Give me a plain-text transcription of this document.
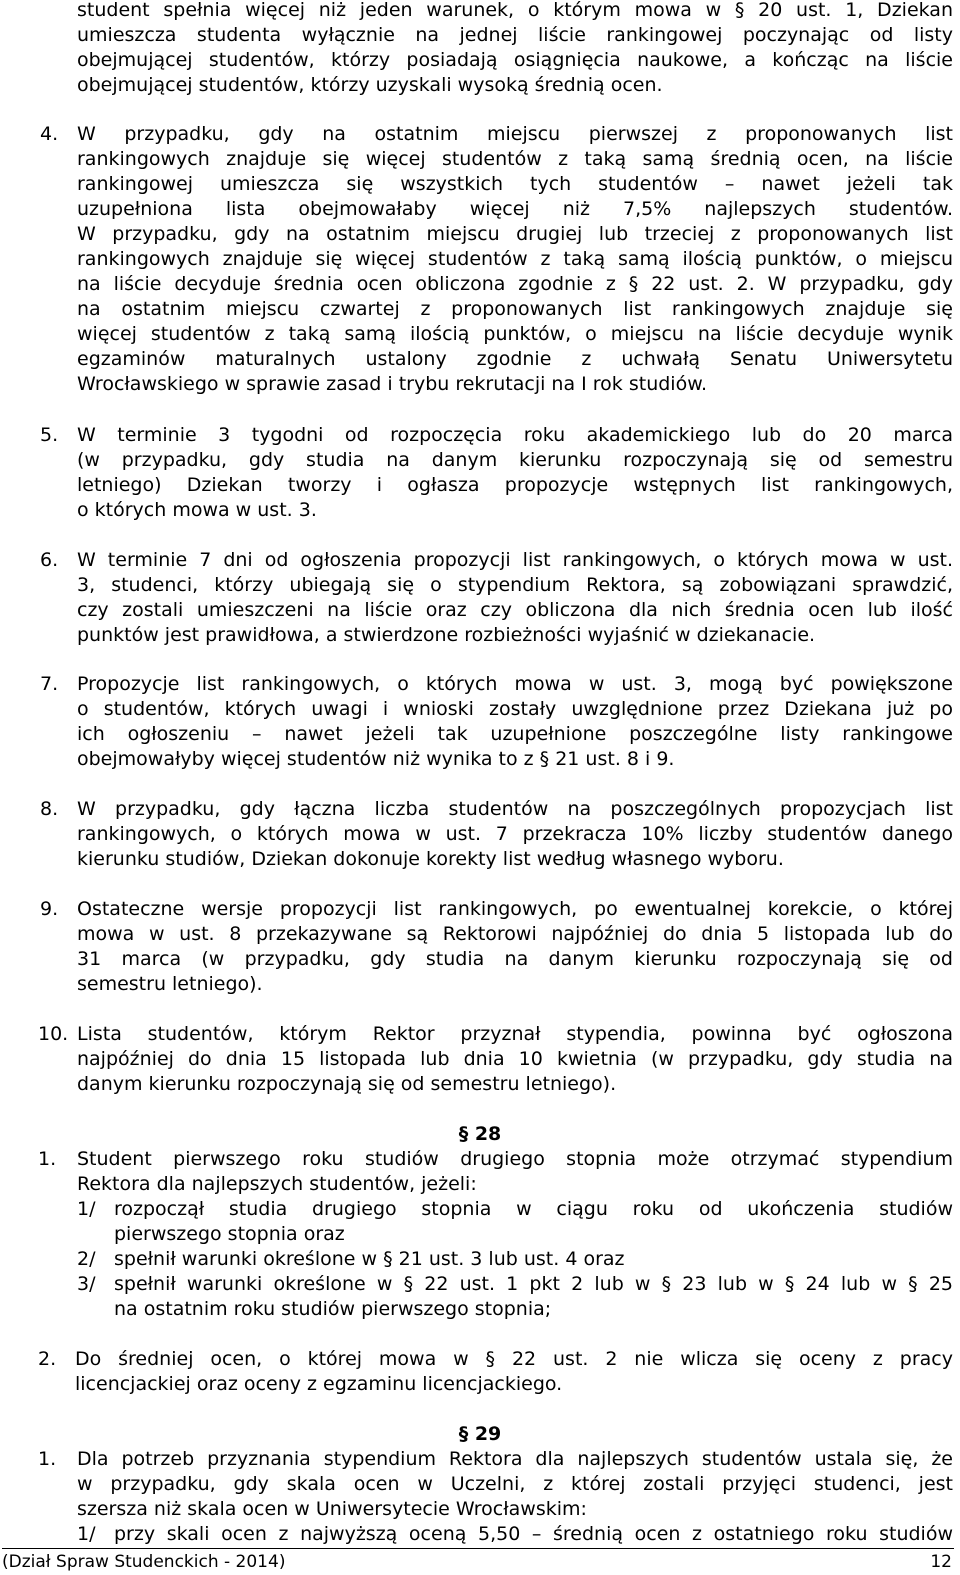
student spełnia więcej niż jeden warunek, o którym mowa w § 20 ust. 1, Dziekan
umieszcza studenta wyłącznie na jednej liście rankingowej poczynając od listy
obejmującej studentów, którzy posiadają osiągnięcia naukowe, a kończąc na liście
obejmującej studentów, którzy uzyskali wysoką średnią ocen.
4. W przypadku, gdy na ostatnim miejscu pierwszej z proponowanych list
rankingowych znajduje się więcej studentów z taką samą średnią ocen, na liście
rankingowej umieszcza się wszystkich tych studentów – nawet jeżeli tak
uzupełniona lista obejmowałaby więcej niż 7,5% najlepszych studentów.
W przypadku, gdy na ostatnim miejscu drugiej lub trzeciej z proponowanych list
rankingowych znajduje się więcej studentów z taką samą ilością punktów, o miejscu
na liście decyduje średnia ocen obliczona zgodnie z § 22 ust. 2. W przypadku, gdy
na ostatnim miejscu czwartej z proponowanych list rankingowych znajduje się
więcej studentów z taką samą ilością punktów, o miejscu na liście decyduje wynik
egzaminów maturalnych ustalony zgodnie z uchwałą Senatu Uniwersytetu
Wrocławskiego w sprawie zasad i trybu rekrutacji na I rok studiów.
5. W terminie 3 tygodni od rozpoczęcia roku akademickiego lub do 20 marca
(w przypadku, gdy studia na danym kierunku rozpoczynają się od semestru
letniego) Dziekan tworzy i ogłasza propozycje wstępnych list rankingowych,
o których mowa w ust. 3.
6. W terminie 7 dni od ogłoszenia propozycji list rankingowych, o których mowa w ust.
3, studenci, którzy ubiegają się o stypendium Rektora, są zobowiązani sprawdzić,
czy zostali umieszczeni na liście oraz czy obliczona dla nich średnia ocen lub ilość
punktów jest prawidłowa, a stwierdzone rozbieżności wyjaśnić w dziekanacie.
7. Propozycje list rankingowych, o których mowa w ust. 3, mogą być powiększone
o studentów, których uwagi i wnioski zostały uwzględnione przez Dziekana już po
ich ogłoszeniu – nawet jeżeli tak uzupełnione poszczególne listy rankingowe
obejmowałyby więcej studentów niż wynika to z § 21 ust. 8 i 9.
8. W przypadku, gdy łączna liczba studentów na poszczególnych propozycjach list
rankingowych, o których mowa w ust. 7 przekracza 10% liczby studentów danego
kierunku studiów, Dziekan dokonuje korekty list według własnego wyboru.
9. Ostateczne wersje propozycji list rankingowych, po ewentualnej korekcie, o której
mowa w ust. 8 przekazywane są Rektorowi najpóźniej do dnia 5 listopada lub do
31 marca (w przypadku, gdy studia na danym kierunku rozpoczynają się od
semestru letniego).
10. Lista studentów, którym Rektor przyznał stypendia, powinna być ogłoszona
najpóźniej do dnia 15 listopada lub dnia 10 kwietnia (w przypadku, gdy studia na
danym kierunku rozpoczynają się od semestru letniego).
§ 28
1. Student pierwszego roku studiów drugiego stopnia może otrzymać stypendium
Rektora dla najlepszych studentów, jeżeli:
1/ rozpoczął studia drugiego stopnia w ciągu roku od ukończenia studiów
pierwszego stopnia oraz
2/ spełnił warunki określone w § 21 ust. 3 lub ust. 4 oraz
3/ spełnił warunki określone w § 22 ust. 1 pkt 2 lub w § 23 lub w § 24 lub w § 25
na ostatnim roku studiów pierwszego stopnia;
2. Do średniej ocen, o której mowa w § 22 ust. 2 nie wlicza się oceny z pracy
licencjackiej oraz oceny z egzaminu licencjackiego.
§ 29
1. Dla potrzeb przyznania stypendium Rektora dla najlepszych studentów ustala się, że
w przypadku, gdy skala ocen w Uczelni, z której zostali przyjęci studenci, jest
szersza niż skala ocen w Uniwersytecie Wrocławskim:
1/ przy skali ocen z najwyższą oceną 5,50 – średnią ocen z ostatniego roku studiów
(Dział Spraw Studenckich - 2014)	12
